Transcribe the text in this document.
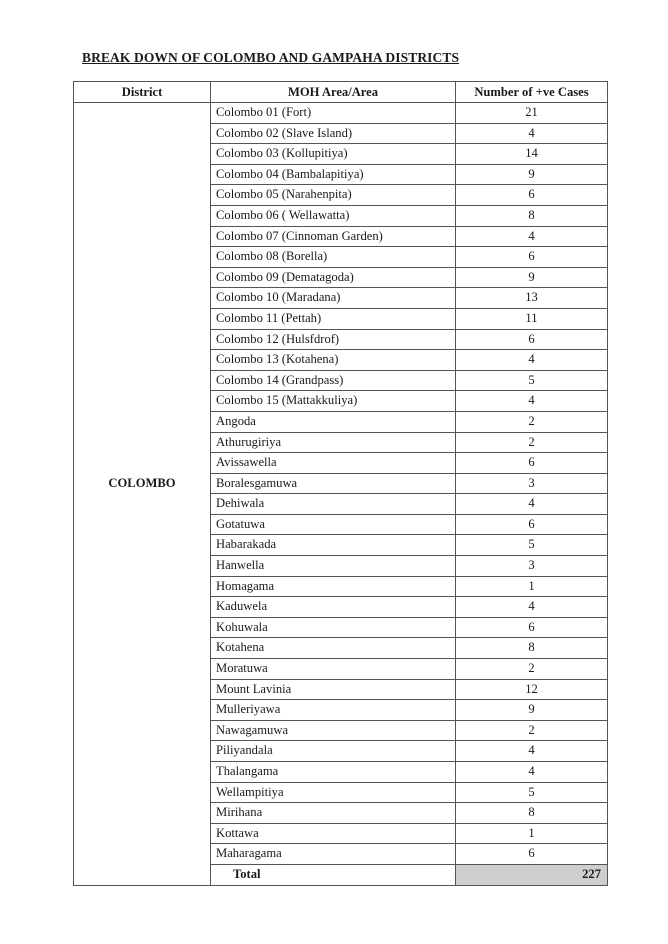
BREAK DOWN OF COLOMBO AND GAMPAHA DISTRICTS
District	MOH Area/Area	Number of +ve Cases
COLOMBO	Colombo 01 (Fort)	21
	Colombo 02 (Slave Island)	4
	Colombo 03 (Kollupitiya)	14
	Colombo 04 (Bambalapitiya)	9
	Colombo 05 (Narahenpita)	6
	Colombo 06 ( Wellawatta)	8
	Colombo 07 (Cinnoman Garden)	4
	Colombo 08 (Borella)	6
	Colombo 09 (Dematagoda)	9
	Colombo 10 (Maradana)	13
	Colombo 11 (Pettah)	11
	Colombo 12 (Hulsfdrof)	6
	Colombo 13 (Kotahena)	4
	Colombo 14 (Grandpass)	5
	Colombo 15 (Mattakkuliya)	4
	Angoda	2
	Athurugiriya	2
	Avissawella	6
	Boralesgamuwa	3
	Dehiwala	4
	Gotatuwa	6
	Habarakada	5
	Hanwella	3
	Homagama	1
	Kaduwela	4
	Kohuwala	6
	Kotahena	8
	Moratuwa	2
	Mount Lavinia	12
	Mulleriyawa	9
	Nawagamuwa	2
	Piliyandala	4
	Thalangama	4
	Wellampitiya	5
	Mirihana	8
	Kottawa	1
	Maharagama	6
	Total	227
